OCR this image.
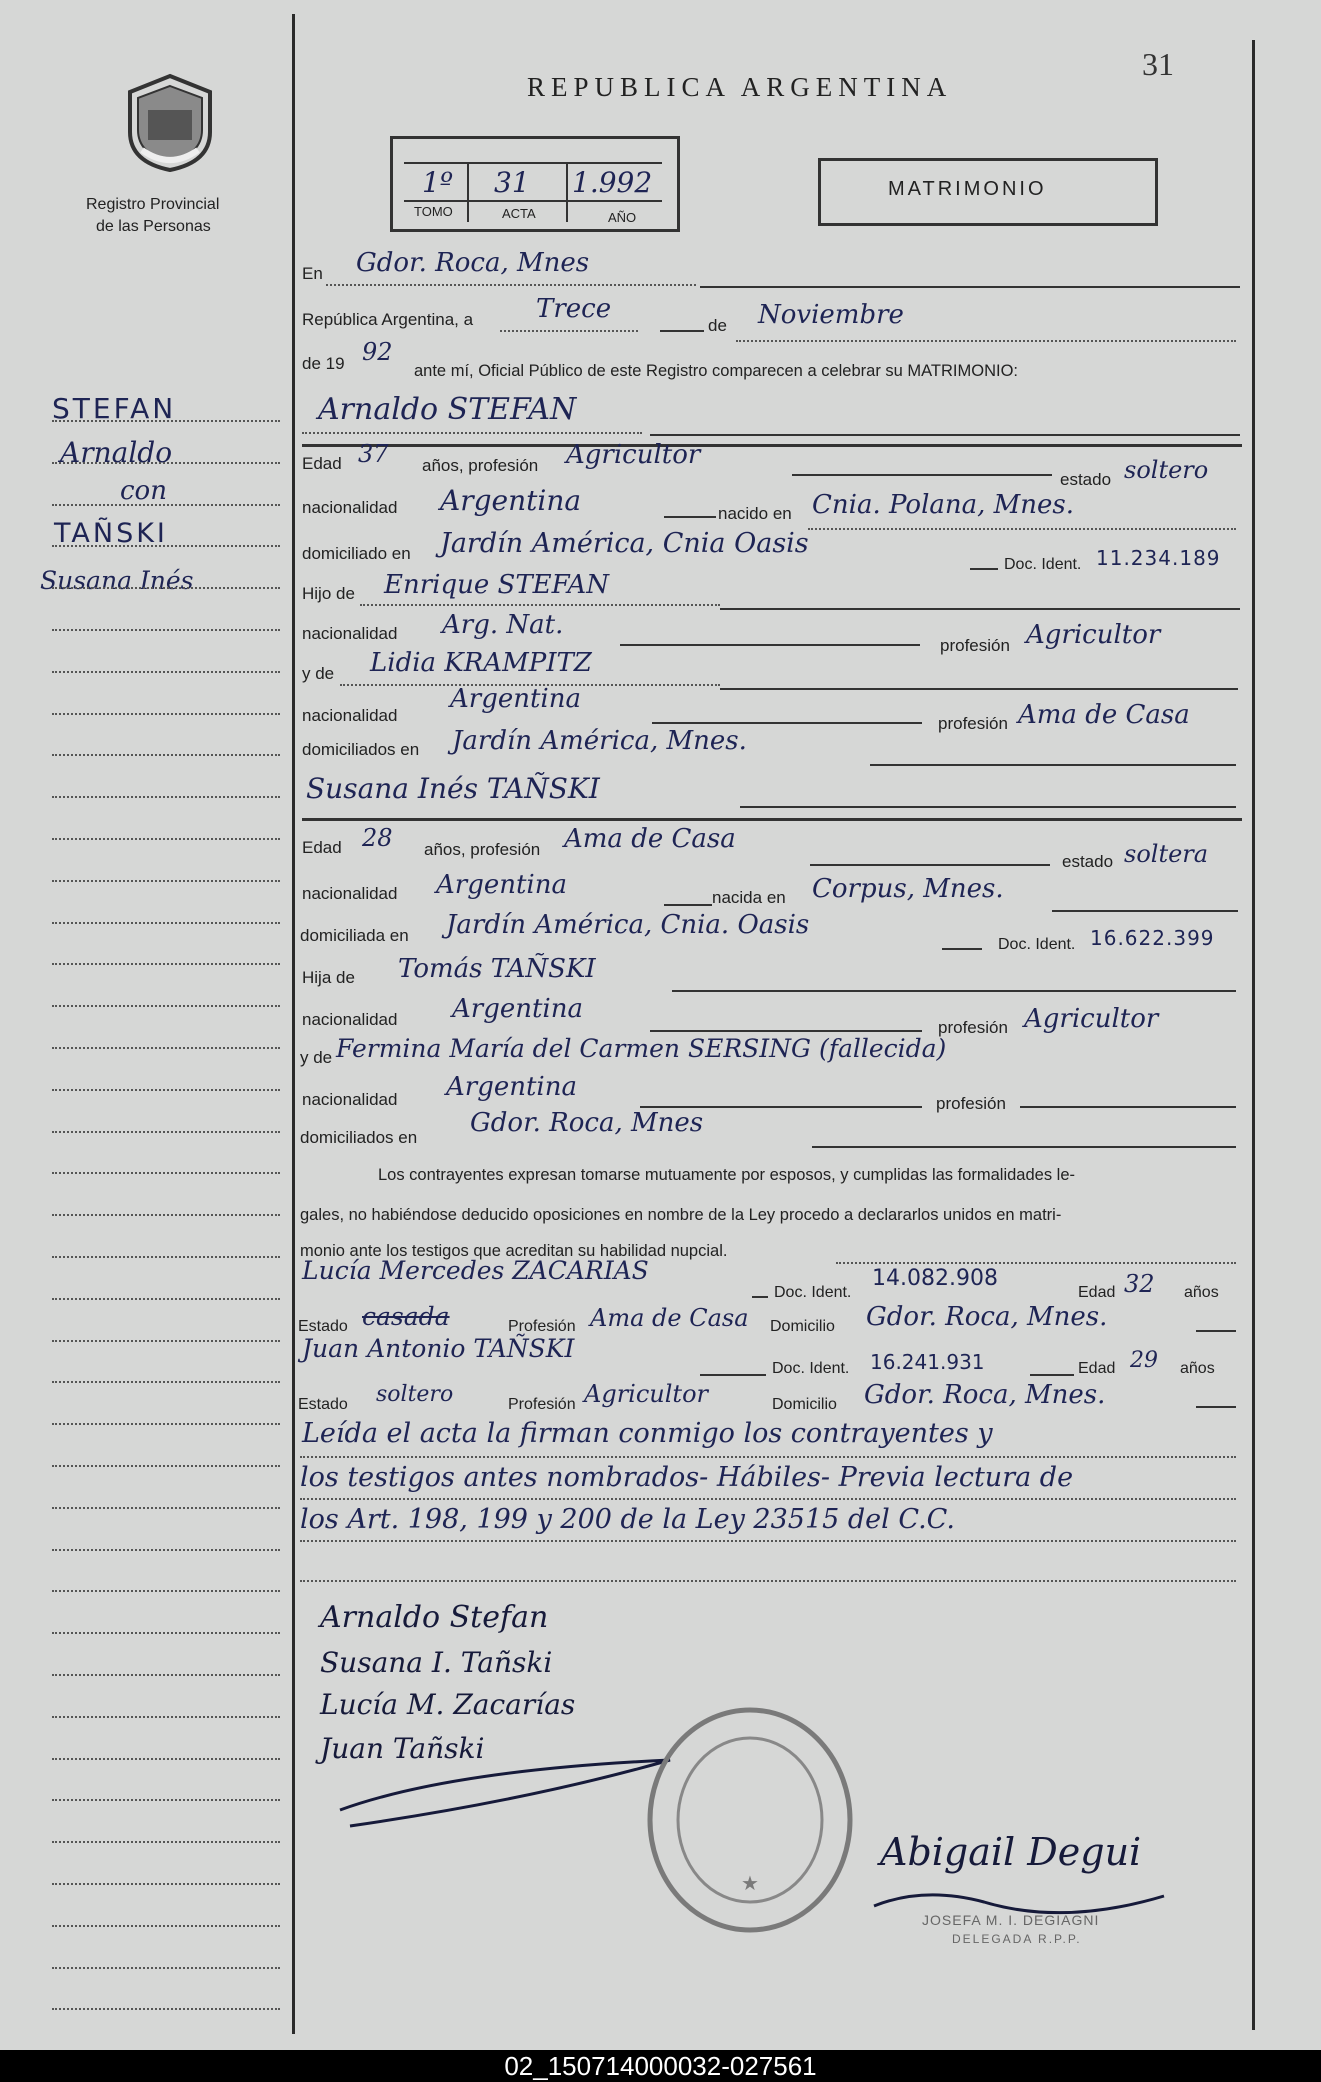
Registro Provincial
de las Personas
REPUBLICA ARGENTINA
31
1º 31 1.992
TOMO	ACTA	AÑO
MATRIMONIO
STEFAN
Arnaldo
con
TAÑSKI
Susana Inés
En Gdor. Roca, Mnes
República Argentina, a Trece
de Noviembre
de 19 92
ante mí, Oficial Público de este Registro comparecen a celebrar su MATRIMONIO:
Arnaldo STEFAN
Edad 37 años, profesión Agricultor
estado soltero
nacionalidad Argentina	nacido en Cnia. Polana, Mnes.
domiciliado en Jardín América, Cnia Oasis
Doc. Ident. 11.234.189
Hijo de Enrique STEFAN
nacionalidad Arg. Nat.
profesión Agricultor
y de Lidia KRAMPITZ
nacionalidad
Argentina
profesión Ama de Casa
domiciliados en Jardín América, Mnes.
Susana Inés TAÑSKI
Edad 28 años, profesión Ama de Casa
estado soltera
nacionalidad Argentina	nacida en Corpus, Mnes.
domiciliada en Jardín América, Cnia. Oasis
Doc. Ident. 16.622.399
Hija de Tomás TAÑSKI
nacionalidad Argentina
profesión Agricultor
y de Fermina María del Carmen SERSING (fallecida)
nacionalidad Argentina
profesión
domiciliados en Gdor. Roca, Mnes
Los contrayentes expresan tomarse mutuamente por esposos, y cumplidas las formalidades le-
gales, no habiéndose deducido oposiciones en nombre de la Ley procedo a declararlos unidos en matri-
monio ante los testigos que acreditan su habilidad nupcial.
Lucía Mercedes ZACARIAS
Doc. Ident.
14.082.908
Edad 32 años
Estado casada	Profesión Ama de Casa Domicilio Gdor. Roca, Mnes.
Juan Antonio TAÑSKI
Doc. Ident. 16.241.931	Edad 29 años
Estado soltero	Profesión Agricultor	Domicilio Gdor. Roca, Mnes.
Leída el acta la firman conmigo los contrayentes y
los testigos antes nombrados- Hábiles- Previa lectura de
los Art. 198, 199 y 200 de la Ley 23515 del C.C.
Arnaldo Stefan
Susana I. Tañski
Lucía M. Zacarías
Juan Tañski
★
Abigail Degui
JOSEFA M. I. DEGIAGNI
DELEGADA R.P.P.
02_150714000032-027561
